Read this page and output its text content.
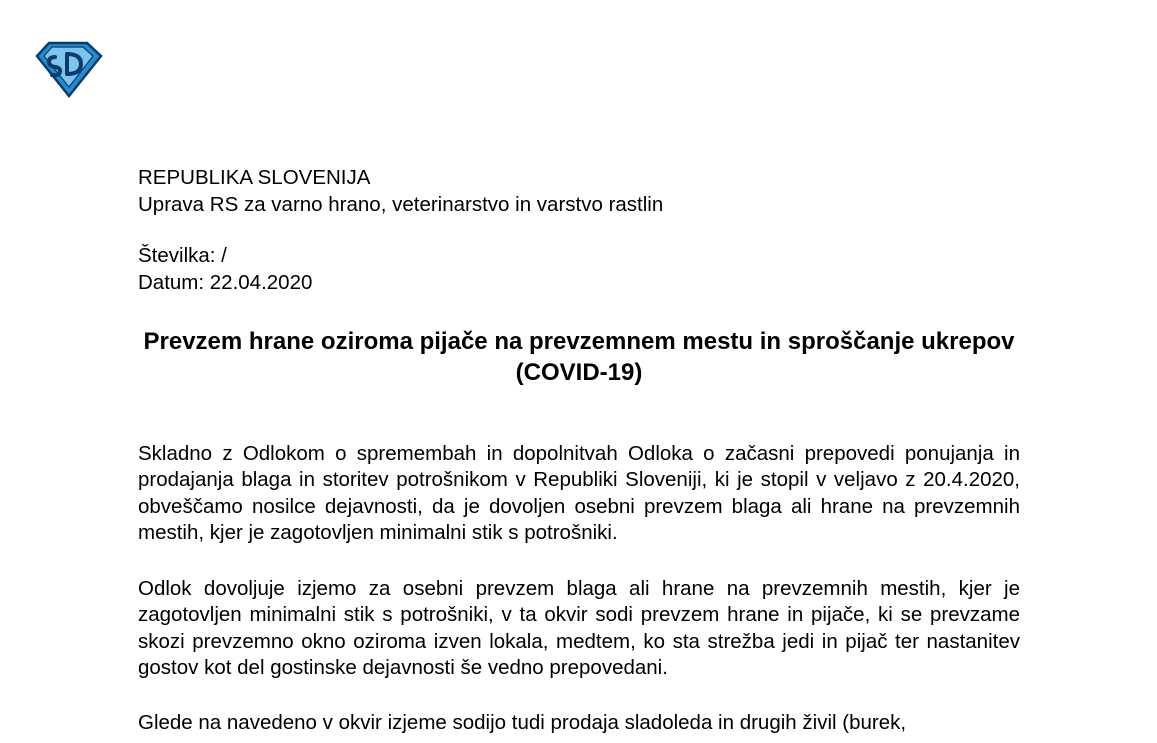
SD
REPUBLIKA SLOVENIJA
Uprava RS za varno hrano, veterinarstvo in varstvo rastlin
Številka: /
Datum: 22.04.2020
Prevzem hrane oziroma pijače na prevzemnem mestu in sproščanje ukrepov (COVID-19)

Skladno z Odlokom o spremembah in dopolnitvah Odloka o začasni prepovedi ponujanja in prodajanja blaga in storitev potrošnikom v Republiki Sloveniji, ki je stopil v veljavo z 20.4.2020, obveščamo nosilce dejavnosti, da je dovoljen osebni prevzem blaga ali hrane na prevzemnih mestih, kjer je zagotovljen minimalni stik s potrošniki.

Odlok dovoljuje izjemo za osebni prevzem blaga ali hrane na prevzemnih mestih, kjer je zagotovljen minimalni stik s potrošniki, v ta okvir sodi prevzem hrane in pijače, ki se prevzame skozi prevzemno okno oziroma izven lokala, medtem, ko sta strežba jedi in pijač ter nastanitev gostov kot del gostinske dejavnosti še vedno prepovedani.

Glede na navedeno v okvir izjeme sodijo tudi prodaja sladoleda in drugih živil (burek,
